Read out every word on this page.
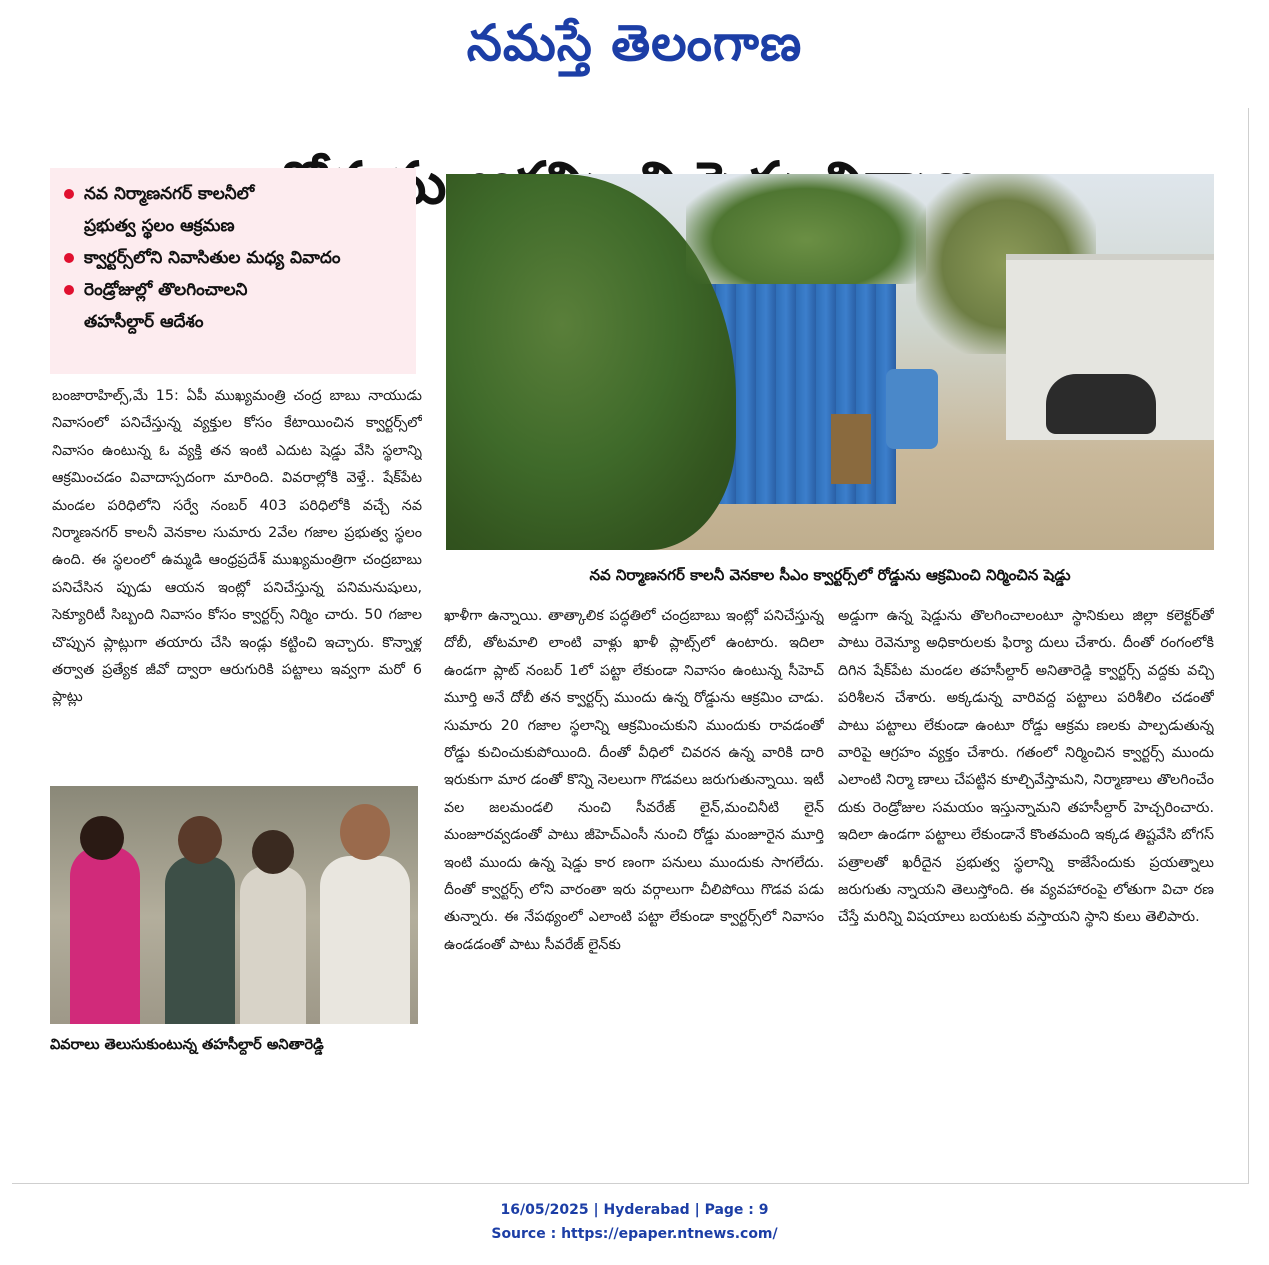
నమస్తే తెలంగాణ
నవ నిర్మాణనగర్ కాలనీలో
ప్రభుత్వ స్థలం ఆక్రమణ
క్వార్టర్స్‌లోని నివాసితుల మధ్య వివాదం
రెండ్రోజుల్లో తొలగించాలని
తహసీల్దార్ ఆదేశం
నవ నిర్మాణనగర్ కాలనీ వెనకాల సీఎం క్వార్టర్స్‌లో రోడ్డును ఆక్రమించి నిర్మించిన షెడ్డు
బంజారాహిల్స్,మే 15: ఏపీ ముఖ్యమంత్రి చంద్ర బాబు నాయుడు నివాసంలో పనిచేస్తున్న వ్యక్తుల కోసం కేటాయించిన క్వార్టర్స్‌లో నివాసం ఉంటున్న ఓ వ్యక్తి తన ఇంటి ఎదుట షెడ్డు వేసి స్థలాన్ని ఆక్రమించడం వివాదాస్పదంగా మారింది. వివరాల్లోకి వెళ్తే.. షేక్‌పేట మండల పరిధిలోని సర్వే నంబర్ 403 పరిధిలోకి వచ్చే నవ నిర్మాణనగర్ కాలనీ వెనకాల సుమారు 2వేల గజాల ప్రభుత్వ స్థలం ఉంది. ఈ స్థలంలో ఉమ్మడి ఆంధ్రప్రదేశ్ ముఖ్యమంత్రిగా చంద్రబాబు పనిచేసిన ప్పుడు ఆయన ఇంట్లో పనిచేస్తున్న పనిమనుషులు, సెక్యూరిటీ సిబ్బంది నివాసం కోసం క్వార్టర్స్ నిర్మిం చారు. 50 గజాల చొప్పున ప్లాట్లుగా తయారు చేసి ఇండ్లు కట్టించి ఇచ్చారు. కొన్నాళ్ల తర్వాత ప్రత్యేక జీవో ద్వారా ఆరుగురికి పట్టాలు ఇవ్వగా మరో 6 ప్లాట్లు
వివరాలు తెలుసుకుంటున్న తహసీల్దార్ అనితారెడ్డి
ఖాళీగా ఉన్నాయి. తాత్కాలిక పద్ధతిలో చంద్రబాబు ఇంట్లో పనిచేస్తున్న దోబీ, తోటమాలి లాంటి వాళ్లు ఖాళీ ప్లాట్స్‌లో ఉంటారు. ఇదిలా ఉండగా ప్లాట్ నంబర్ 1లో పట్టా లేకుండా నివాసం ఉంటున్న సీహెచ్ మూర్తి అనే దోబీ తన క్వార్టర్స్ ముందు ఉన్న రోడ్డును ఆక్రమిం చాడు. సుమారు 20 గజాల స్థలాన్ని ఆక్రమించుకుని ముందుకు రావడంతో రోడ్డు కుచించుకుపోయింది. దీంతో వీధిలో చివరన ఉన్న వారికి దారి ఇరుకుగా మార డంతో కొన్ని నెలలుగా గొడవలు జరుగుతున్నాయి. ఇటీ వల జలమండలి నుంచి సీవరేజ్ లైన్,మంచినీటి లైన్ మంజూరవ్వడంతో పాటు జీహెచ్ఎంసీ నుంచి రోడ్డు మంజూరైన మూర్తి ఇంటి ముందు ఉన్న షెడ్డు కార ణంగా పనులు ముందుకు సాగలేదు. దీంతో క్వార్టర్స్ లోని వారంతా ఇరు వర్గాలుగా చీలిపోయి గొడవ పడు తున్నారు. ఈ నేపథ్యంలో ఎలాంటి పట్టా లేకుండా క్వార్టర్స్‌లో నివాసం ఉండడంతో పాటు సీవరేజ్ లైన్‌కు
అడ్డుగా ఉన్న షెడ్డును తొలగించాలంటూ స్థానికులు జిల్లా కలెక్టర్‌తో పాటు రెవెన్యూ అధికారులకు ఫిర్యా దులు చేశారు. దీంతో రంగంలోకి దిగిన షేక్‌పేట మండల తహసీల్దార్ అనితారెడ్డి క్వార్టర్స్ వద్దకు వచ్చి పరిశీలన చేశారు. అక్కడున్న వారివద్ద పట్టాలు పరిశీలిం చడంతో పాటు పట్టాలు లేకుండా ఉంటూ రోడ్డు ఆక్రమ ణలకు పాల్పడుతున్న వారిపై ఆగ్రహం వ్యక్తం చేశారు. గతంలో నిర్మించిన క్వార్టర్స్ ముందు ఎలాంటి నిర్మా ణాలు చేపట్టిన కూల్చివేస్తామని, నిర్మాణాలు తొలగించేం దుకు రెండ్రోజుల సమయం ఇస్తున్నామని తహసీల్దార్ హెచ్చరించారు. ఇదిలా ఉండగా పట్టాలు లేకుండానే కొంతమంది ఇక్కడ తిష్టవేసి బోగస్ పత్రాలతో ఖరీదైన ప్రభుత్వ స్థలాన్ని కాజేసేందుకు ప్రయత్నాలు జరుగుతు న్నాయని తెలుస్తోంది. ఈ వ్యవహారంపై లోతుగా విచా రణ చేస్తే మరిన్ని విషయాలు బయటకు వస్తాయని స్థాని కులు తెలిపారు.
16/05/2025 | Hyderabad | Page : 9
Source : https://epaper.ntnews.com/
